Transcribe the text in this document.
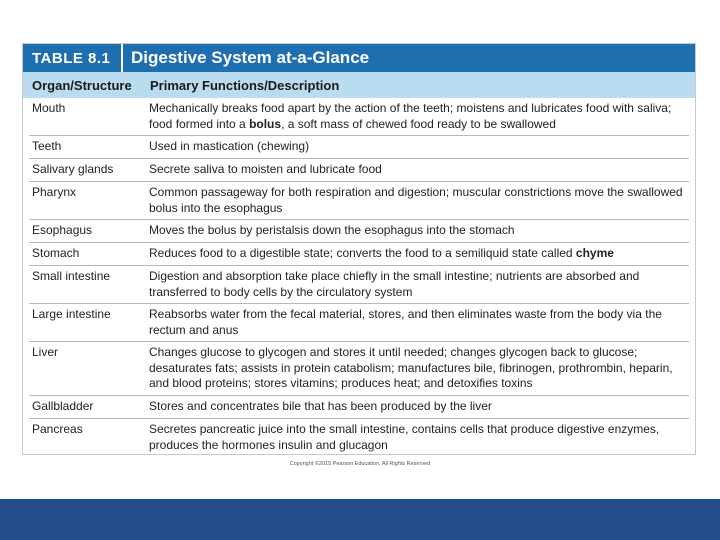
TABLE 8.1	Digestive System at-a-Glance
Organ/Structure	Primary Functions/Description
Mouth	Mechanically breaks food apart by the action of the teeth; moistens and lubricates food with saliva; food formed into a bolus, a soft mass of chewed food ready to be swallowed
Teeth	Used in mastication (chewing)
Salivary glands	Secrete saliva to moisten and lubricate food
Pharynx	Common passageway for both respiration and digestion; muscular constrictions move the swallowed bolus into the esophagus
Esophagus	Moves the bolus by peristalsis down the esophagus into the stomach
Stomach	Reduces food to a digestible state; converts the food to a semiliquid state called chyme
Small intestine	Digestion and absorption take place chiefly in the small intestine; nutrients are absorbed and transferred to body cells by the circulatory system
Large intestine	Reabsorbs water from the fecal material, stores, and then eliminates waste from the body via the rectum and anus
Liver	Changes glucose to glycogen and stores it until needed; changes glycogen back to glucose; desaturates fats; assists in protein catabolism; manufactures bile, fibrinogen, prothrombin, heparin, and blood proteins; stores vitamins; produces heat; and detoxifies toxins
Gallbladder	Stores and concentrates bile that has been produced by the liver
Pancreas	Secretes pancreatic juice into the small intestine, contains cells that produce digestive enzymes, produces the hormones insulin and glucagon
Copyright ©2015 Pearson Education, All Rights Reserved
